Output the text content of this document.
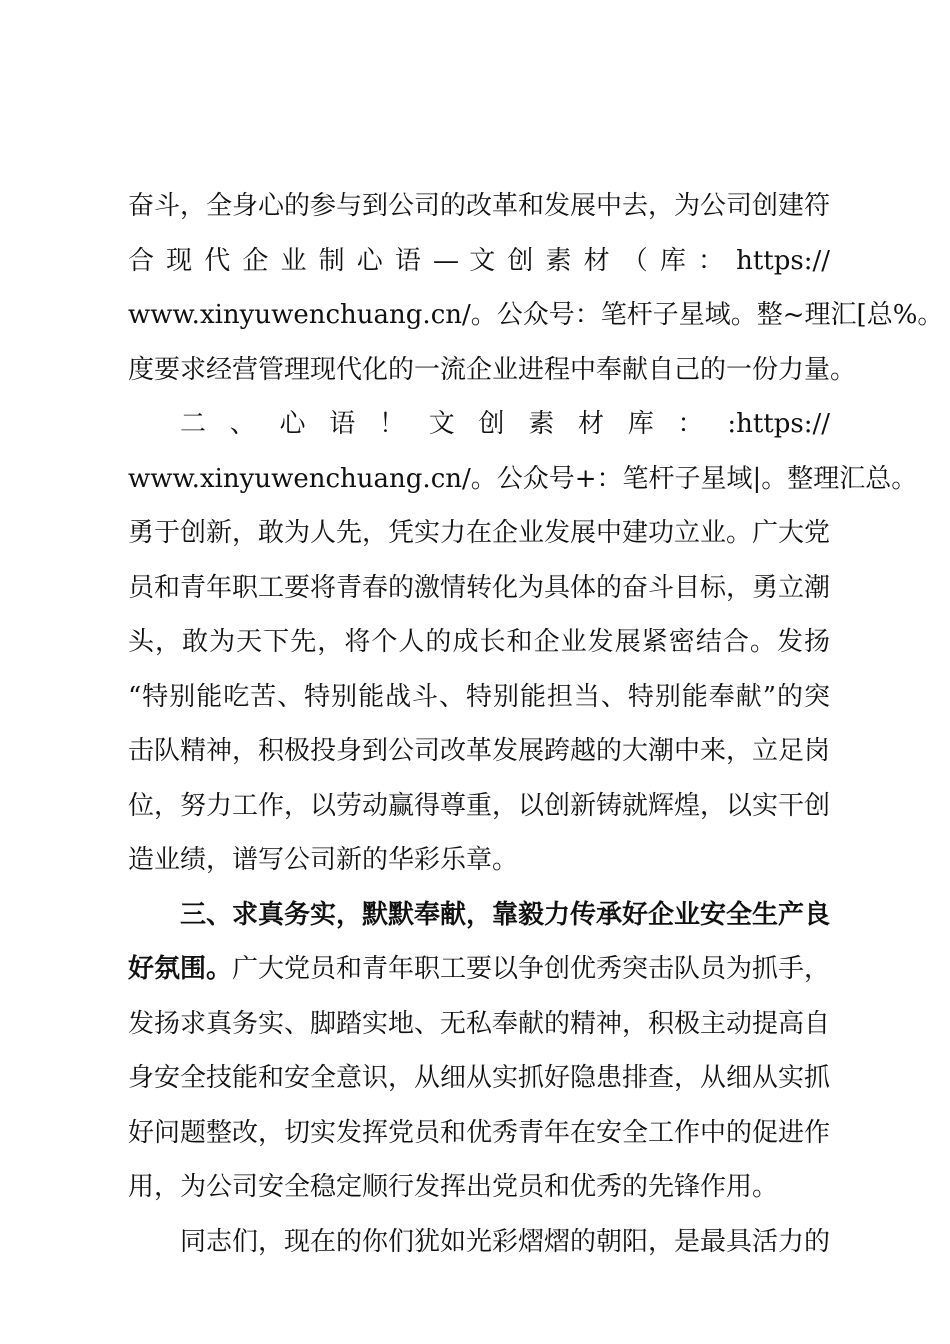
奋斗，全身心的参与到公司的改革和发展中去，为公司创建符
合 现 代 企 业 制 心 语 — 文 创 素 材 （ 库 ： https://
www.xinyuwenchuang.cn/。公众号：笔杆子星域。整~理汇[总%。
度要求经营管理现代化的一流企业进程中奉献自己的一份力量。
二 、 心 语 ！ 文 创 素 材 库 ： :https://
www.xinyuwenchuang.cn/。公众号+：笔杆子星域|。整理汇总。
勇于创新，敢为人先，凭实力在企业发展中建功立业。广大党
员和青年职工要将青春的激情转化为具体的奋斗目标，勇立潮
头，敢为天下先，将个人的成长和企业发展紧密结合。发扬
“特别能吃苦、特别能战斗、特别能担当、特别能奉献”的突
击队精神，积极投身到公司改革发展跨越的大潮中来，立足岗
位，努力工作，以劳动赢得尊重，以创新铸就辉煌，以实干创
造业绩，谱写公司新的华彩乐章。
三、求真务实，默默奉献，靠毅力传承好企业安全生产良
好氛围。广大党员和青年职工要以争创优秀突击队员为抓手，
发扬求真务实、脚踏实地、无私奉献的精神，积极主动提高自
身安全技能和安全意识，从细从实抓好隐患排查，从细从实抓
好问题整改，切实发挥党员和优秀青年在安全工作中的促进作
用，为公司安全稳定顺行发挥出党员和优秀的先锋作用。
同志们，现在的你们犹如光彩熠熠的朝阳，是最具活力的
